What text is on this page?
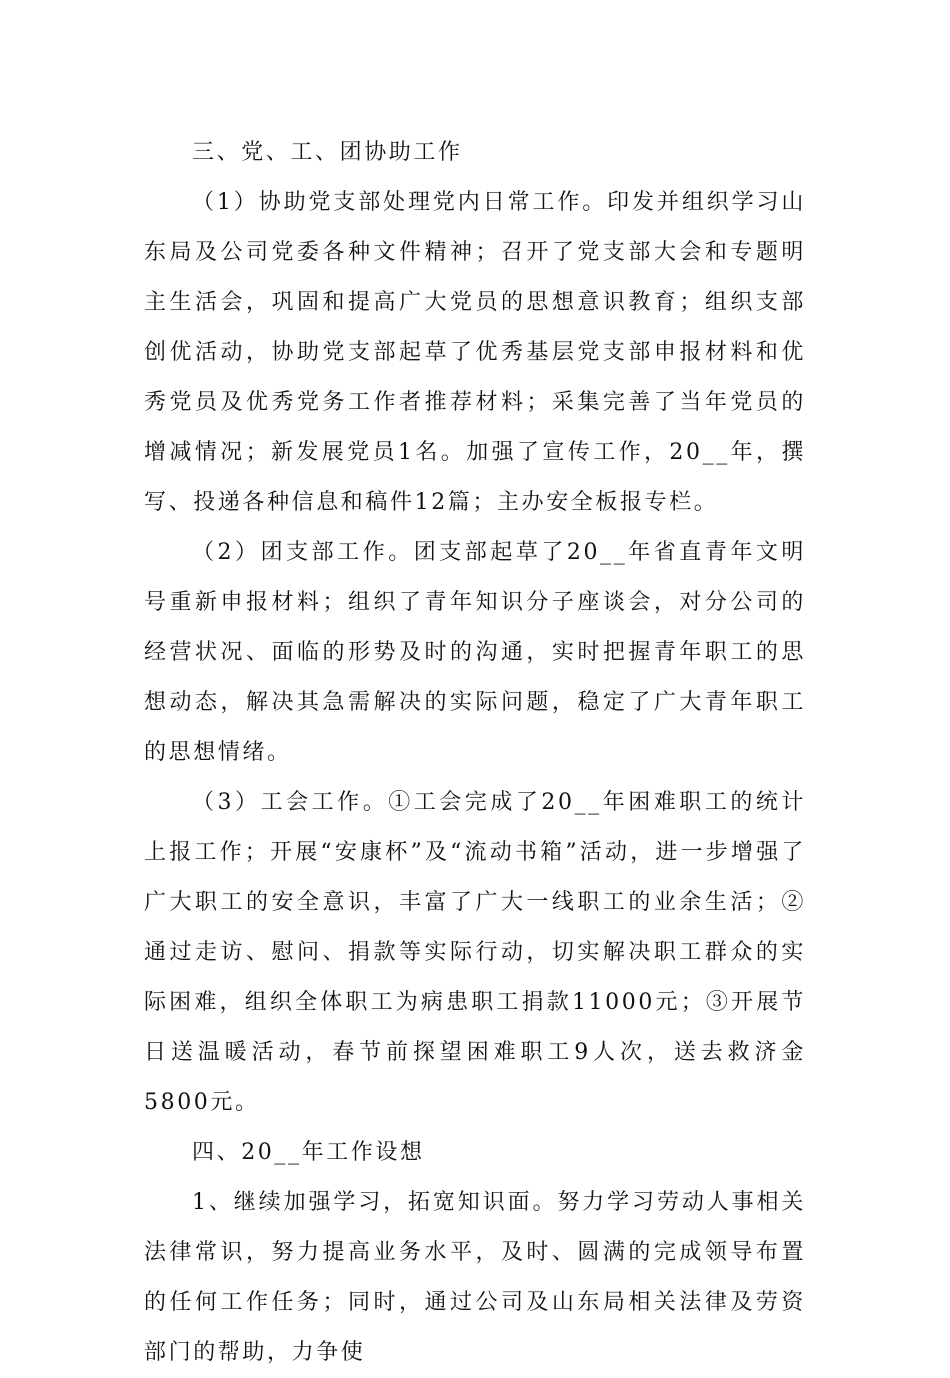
三、党、工、团协助工作

（1）协助党支部处理党内日常工作。印发并组织学习山东局及公司党委各种文件精神；召开了党支部大会和专题明主生活会，巩固和提高广大党员的思想意识教育；组织支部创优活动，协助党支部起草了优秀基层党支部申报材料和优秀党员及优秀党务工作者推荐材料；采集完善了当年党员的增减情况；新发展党员1名。加强了宣传工作，20__年，撰写、投递各种信息和稿件12篇；主办安全板报专栏。

（2）团支部工作。团支部起草了20__年省直青年文明号重新申报材料；组织了青年知识分子座谈会，对分公司的经营状况、面临的形势及时的沟通，实时把握青年职工的思想动态，解决其急需解决的实际问题，稳定了广大青年职工的思想情绪。

（3）工会工作。①工会完成了20__年困难职工的统计上报工作；开展“安康杯”及“流动书箱”活动，进一步增强了广大职工的安全意识，丰富了广大一线职工的业余生活；②通过走访、慰问、捐款等实际行动，切实解决职工群众的实际困难，组织全体职工为病患职工捐款11000元；③开展节日送温暖活动，春节前探望困难职工9人次，送去救济金5800元。

四、20__年工作设想

1、继续加强学习，拓宽知识面。努力学习劳动人事相关法律常识，努力提高业务水平，及时、圆满的完成领导布置的任何工作任务；同时，通过公司及山东局相关法律及劳资部门的帮助，力争使
